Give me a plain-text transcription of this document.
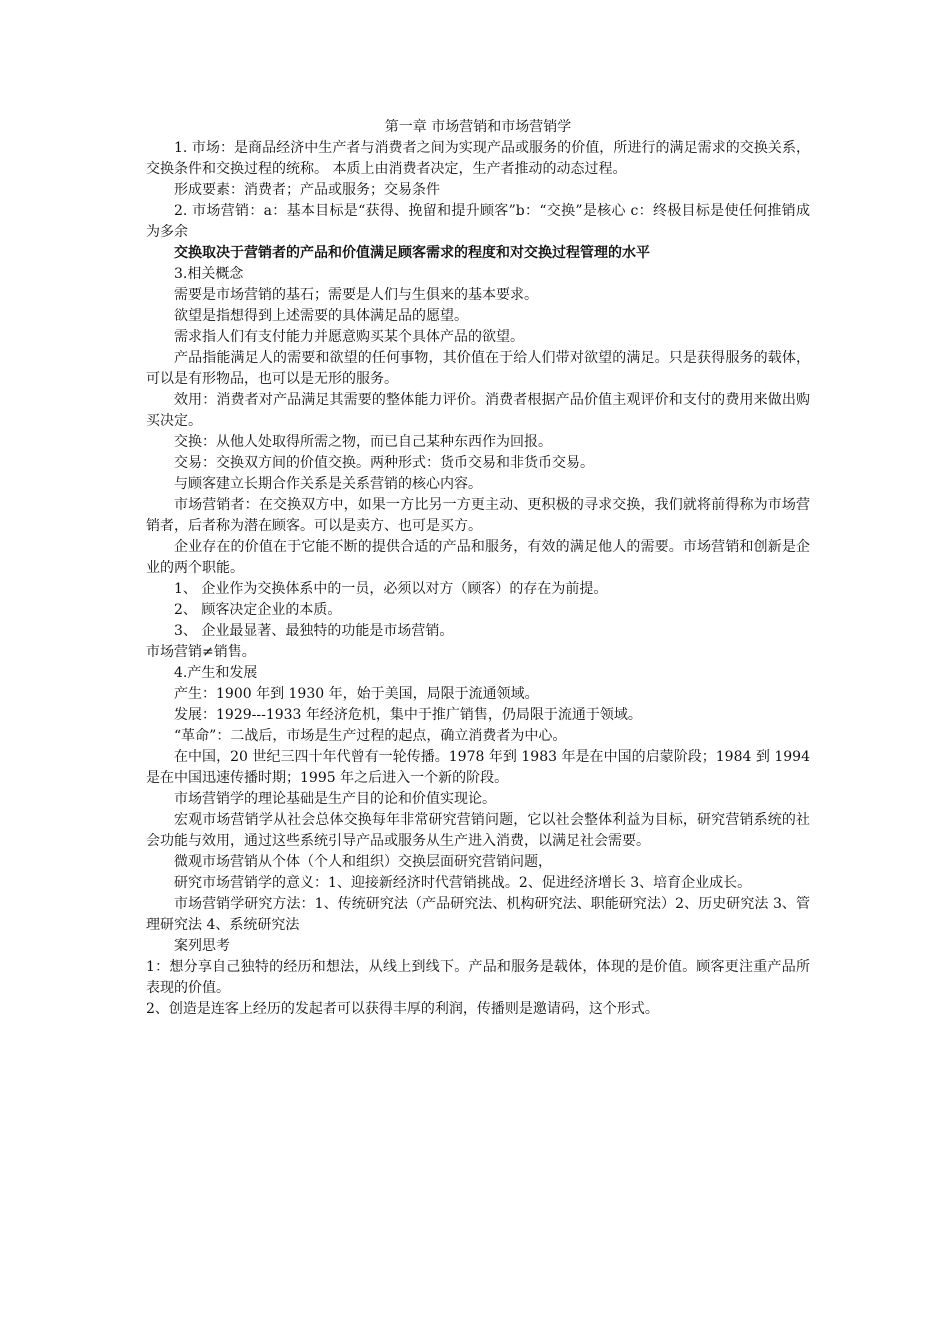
第一章 市场营销和市场营销学
1. 市场：是商品经济中生产者与消费者之间为实现产品或服务的价值，所进行的满足需求的交换关系，交换条件和交换过程的统称。 本质上由消费者决定，生产者推动的动态过程。
形成要素：消费者；产品或服务；交易条件
2. 市场营销：a：基本目标是“获得、挽留和提升顾客”b：“交换”是核心 c：终极目标是使任何推销成为多余
交换取决于营销者的产品和价值满足顾客需求的程度和对交换过程管理的水平
3.相关概念
需要是市场营销的基石；需要是人们与生俱来的基本要求。
欲望是指想得到上述需要的具体满足品的愿望。
需求指人们有支付能力并愿意购买某个具体产品的欲望。
产品指能满足人的需要和欲望的任何事物，其价值在于给人们带对欲望的满足。只是获得服务的载体，可以是有形物品，也可以是无形的服务。
效用：消费者对产品满足其需要的整体能力评价。消费者根据产品价值主观评价和支付的费用来做出购买决定。
交换：从他人处取得所需之物，而已自己某种东西作为回报。
交易：交换双方间的价值交换。两种形式：货币交易和非货币交易。
与顾客建立长期合作关系是关系营销的核心内容。
市场营销者：在交换双方中，如果一方比另一方更主动、更积极的寻求交换，我们就将前得称为市场营销者，后者称为潜在顾客。可以是卖方、也可是买方。
企业存在的价值在于它能不断的提供合适的产品和服务，有效的满足他人的需要。市场营销和创新是企业的两个职能。
1、 企业作为交换体系中的一员，必须以对方（顾客）的存在为前提。
2、 顾客决定企业的本质。
3、 企业最显著、最独特的功能是市场营销。
市场营销≠销售。
4.产生和发展
产生：1900 年到 1930 年，始于美国，局限于流通领域。
发展：1929---1933 年经济危机，集中于推广销售，仍局限于流通于领域。
“革命”：二战后，市场是生产过程的起点，确立消费者为中心。
在中国，20 世纪三四十年代曾有一轮传播。1978 年到 1983 年是在中国的启蒙阶段；1984 到 1994 是在中国迅速传播时期；1995 年之后进入一个新的阶段。
市场营销学的理论基础是生产目的论和价值实现论。
宏观市场营销学从社会总体交换每年非常研究营销问题，它以社会整体利益为目标，研究营销系统的社会功能与效用，通过这些系统引导产品或服务从生产进入消费，以满足社会需要。
微观市场营销从个体（个人和组织）交换层面研究营销问题，
研究市场营销学的意义：1、迎接新经济时代营销挑战。2、促进经济增长 3、培育企业成长。
市场营销学研究方法：1、传统研究法（产品研究法、机构研究法、职能研究法）2、历史研究法 3、管理研究法 4、系统研究法
案列思考
1：想分享自己独特的经历和想法，从线上到线下。产品和服务是载体，体现的是价值。顾客更注重产品所表现的价值。
2、创造是连客上经历的发起者可以获得丰厚的利润，传播则是邀请码，这个形式。
